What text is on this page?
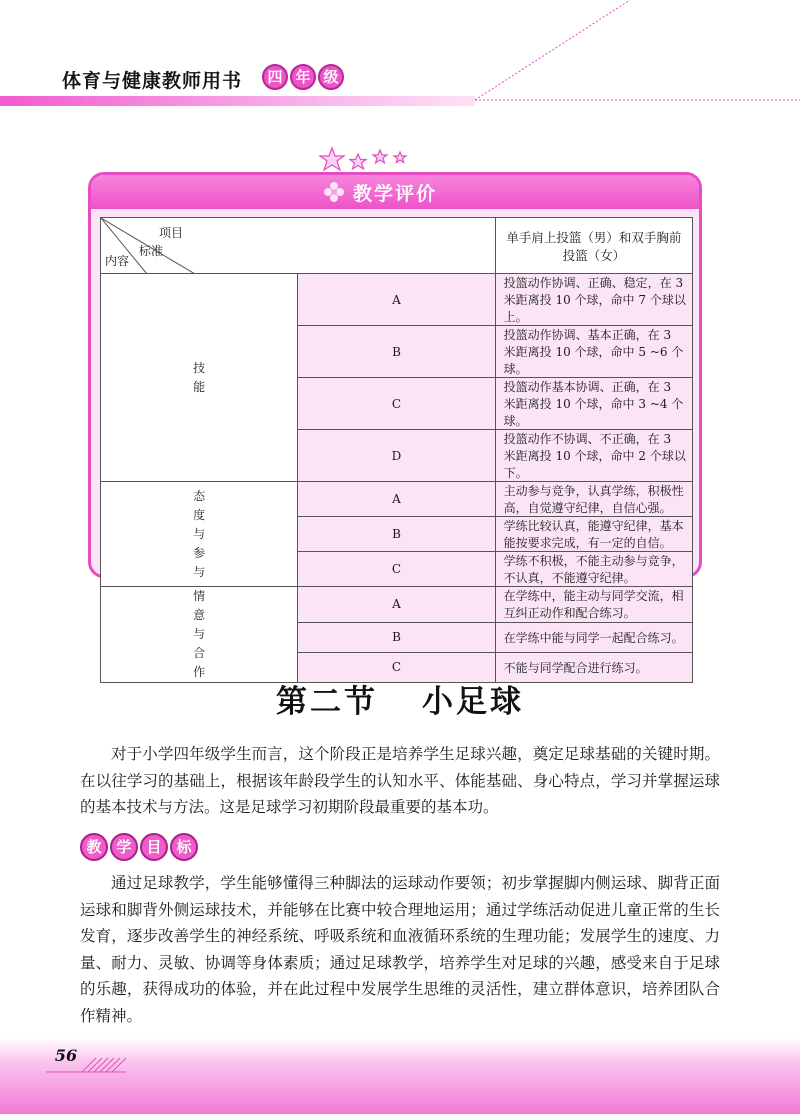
体育与健康教师用书	四 年 级
教学评价
项目
标准
内容		单手肩上投篮（男）和双手胸前投篮（女）
技能	A	投篮动作协调、正确、稳定，在 3 米距离投 10 个球，命中 7 个球以上。
	B	投篮动作协调、基本正确，在 3 米距离投 10 个球，命中 5 ~6 个球。
	C	投篮动作基本协调、正确，在 3 米距离投 10 个球，命中 3 ~4 个球。
	D	投篮动作不协调、不正确，在 3 米距离投 10 个球，命中 2 个球以下。
态度与参与	A	主动参与竞争，认真学练，积极性高，自觉遵守纪律，自信心强。
	B	学练比较认真，能遵守纪律，基本能按要求完成，有一定的自信。
	C	学练不积极，不能主动参与竞争，不认真，不能遵守纪律。
情意与合作	A	在学练中，能主动与同学交流，相互纠正动作和配合练习。
	B	在学练中能与同学一起配合练习。
	C	不能与同学配合进行练习。
第二节 小足球

对于小学四年级学生而言，这个阶段正是培养学生足球兴趣，奠定足球基础的关键时期。在以往学习的基础上，根据该年龄段学生的认知水平、体能基础、身心特点，学习并掌握运球的基本技术与方法。这是足球学习初期阶段最重要的基本功。

教 学 目 标

通过足球教学，学生能够懂得三种脚法的运球动作要领；初步掌握脚内侧运球、脚背正面运球和脚背外侧运球技术，并能够在比赛中较合理地运用；通过学练活动促进儿童正常的生长发育，逐步改善学生的神经系统、呼吸系统和血液循环系统的生理功能；发展学生的速度、力量、耐力、灵敏、协调等身体素质；通过足球教学，培养学生对足球的兴趣，感受来自于足球的乐趣，获得成功的体验，并在此过程中发展学生思维的灵活性，建立群体意识，培养团队合作精神。

56
